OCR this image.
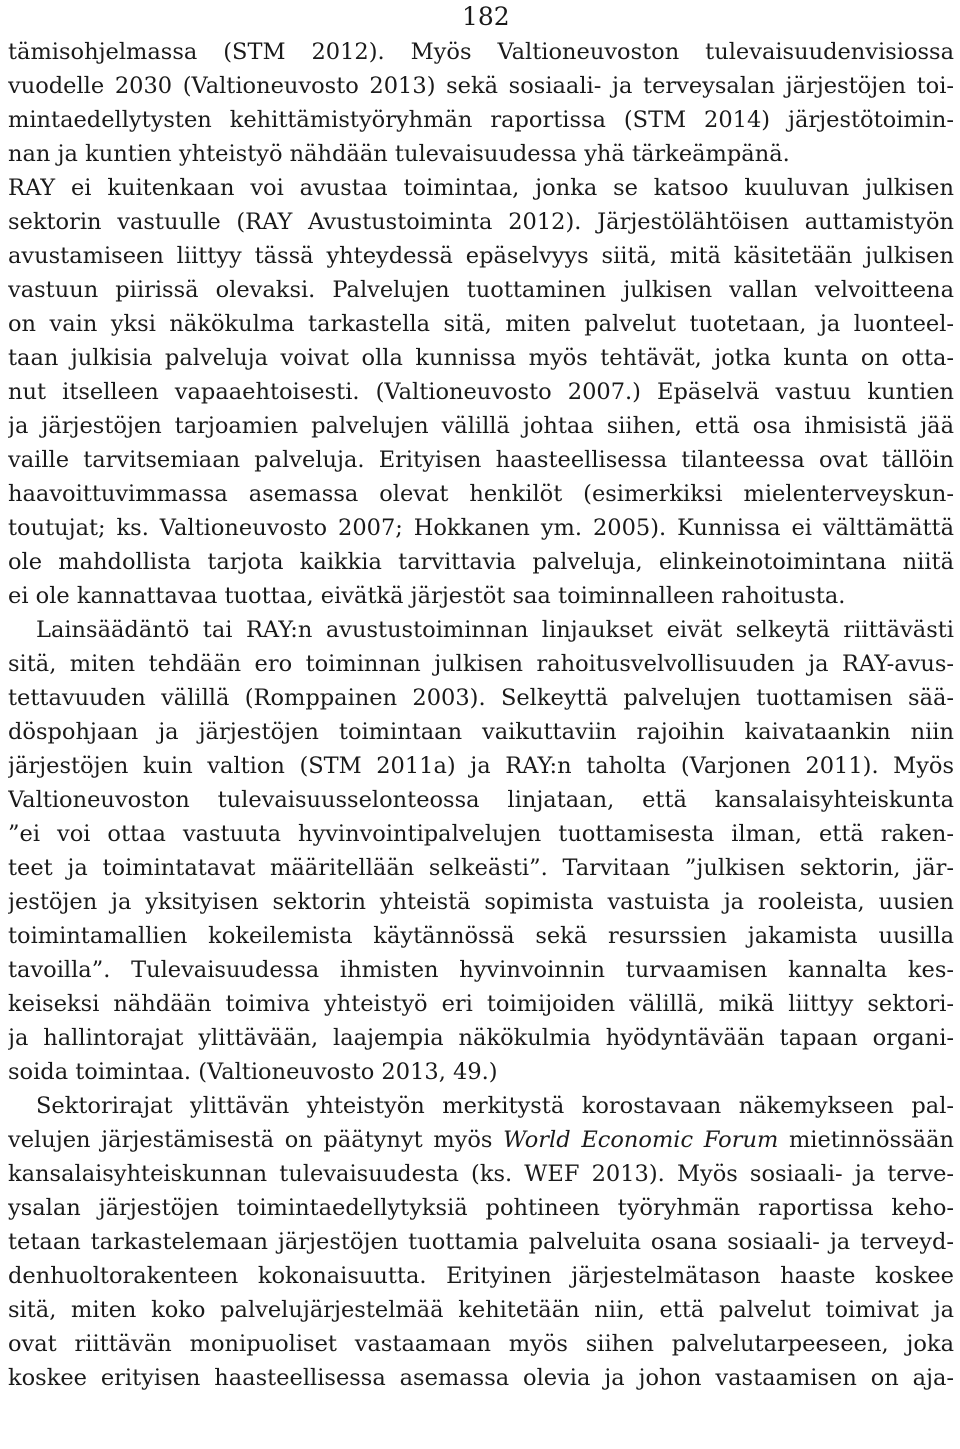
182
tämisohjelmassa (STM 2012). Myös Valtioneuvoston tulevaisuudenvisiossa
vuodelle 2030 (Valtioneuvosto 2013) sekä sosiaali- ja terveysalan järjestöjen toi-
mintaedellytysten kehittämistyöryhmän raportissa (STM 2014) järjestötoimin-
nan ja kuntien yhteistyö nähdään tulevaisuudessa yhä tärkeämpänä.
RAY ei kuitenkaan voi avustaa toimintaa, jonka se katsoo kuuluvan julkisen
sektorin vastuulle (RAY Avustustoiminta 2012). Järjestölähtöisen auttamistyön
avustamiseen liittyy tässä yhteydessä epäselvyys siitä, mitä käsitetään julkisen
vastuun piirissä olevaksi. Palvelujen tuottaminen julkisen vallan velvoitteena
on vain yksi näkökulma tarkastella sitä, miten palvelut tuotetaan, ja luonteel-
taan julkisia palveluja voivat olla kunnissa myös tehtävät, jotka kunta on otta-
nut itselleen vapaaehtoisesti. (Valtioneuvosto 2007.) Epäselvä vastuu kuntien
ja järjestöjen tarjoamien palvelujen välillä johtaa siihen, että osa ihmisistä jää
vaille tarvitsemiaan palveluja. Erityisen haasteellisessa tilanteessa ovat tällöin
haavoittuvimmassa asemassa olevat henkilöt (esimerkiksi mielenterveyskun-
toutujat; ks. Valtioneuvosto 2007; Hokkanen ym. 2005). Kunnissa ei välttämättä
ole mahdollista tarjota kaikkia tarvittavia palveluja, elinkeinotoimintana niitä
ei ole kannattavaa tuottaa, eivätkä järjestöt saa toiminnalleen rahoitusta.
Lainsäädäntö tai RAY:n avustustoiminnan linjaukset eivät selkeytä riittävästi
sitä, miten tehdään ero toiminnan julkisen rahoitusvelvollisuuden ja RAY-avus-
tettavuuden välillä (Romppainen 2003). Selkeyttä palvelujen tuottamisen sää-
döspohjaan ja järjestöjen toimintaan vaikuttaviin rajoihin kaivataankin niin
järjestöjen kuin valtion (STM 2011a) ja RAY:n taholta (Varjonen 2011). Myös
Valtioneuvoston tulevaisuusselonteossa linjataan, että kansalaisyhteiskunta
”ei voi ottaa vastuuta hyvinvointipalvelujen tuottamisesta ilman, että raken-
teet ja toimintatavat määritellään selkeästi”. Tarvitaan ”julkisen sektorin, jär-
jestöjen ja yksityisen sektorin yhteistä sopimista vastuista ja rooleista, uusien
toimintamallien kokeilemista käytännössä sekä resurssien jakamista uusilla
tavoilla”. Tulevaisuudessa ihmisten hyvinvoinnin turvaamisen kannalta kes-
keiseksi nähdään toimiva yhteistyö eri toimijoiden välillä, mikä liittyy sektori-
ja hallintorajat ylittävään, laajempia näkökulmia hyödyntävään tapaan organi-
soida toimintaa. (Valtioneuvosto 2013, 49.)
Sektorirajat ylittävän yhteistyön merkitystä korostavaan näkemykseen pal-
velujen järjestämisestä on päätynyt myös World Economic Forum mietinnössään
kansalaisyhteiskunnan tulevaisuudesta (ks. WEF 2013). Myös sosiaali- ja terve-
ysalan järjestöjen toimintaedellytyksiä pohtineen työryhmän raportissa keho-
tetaan tarkastelemaan järjestöjen tuottamia palveluita osana sosiaali- ja terveyd-
denhuoltorakenteen kokonaisuutta. Erityinen järjestelmätason haaste koskee
sitä, miten koko palvelujärjestelmää kehitetään niin, että palvelut toimivat ja
ovat riittävän monipuoliset vastaamaan myös siihen palvelutarpeeseen, joka
koskee erityisen haasteellisessa asemassa olevia ja johon vastaamisen on aja-
